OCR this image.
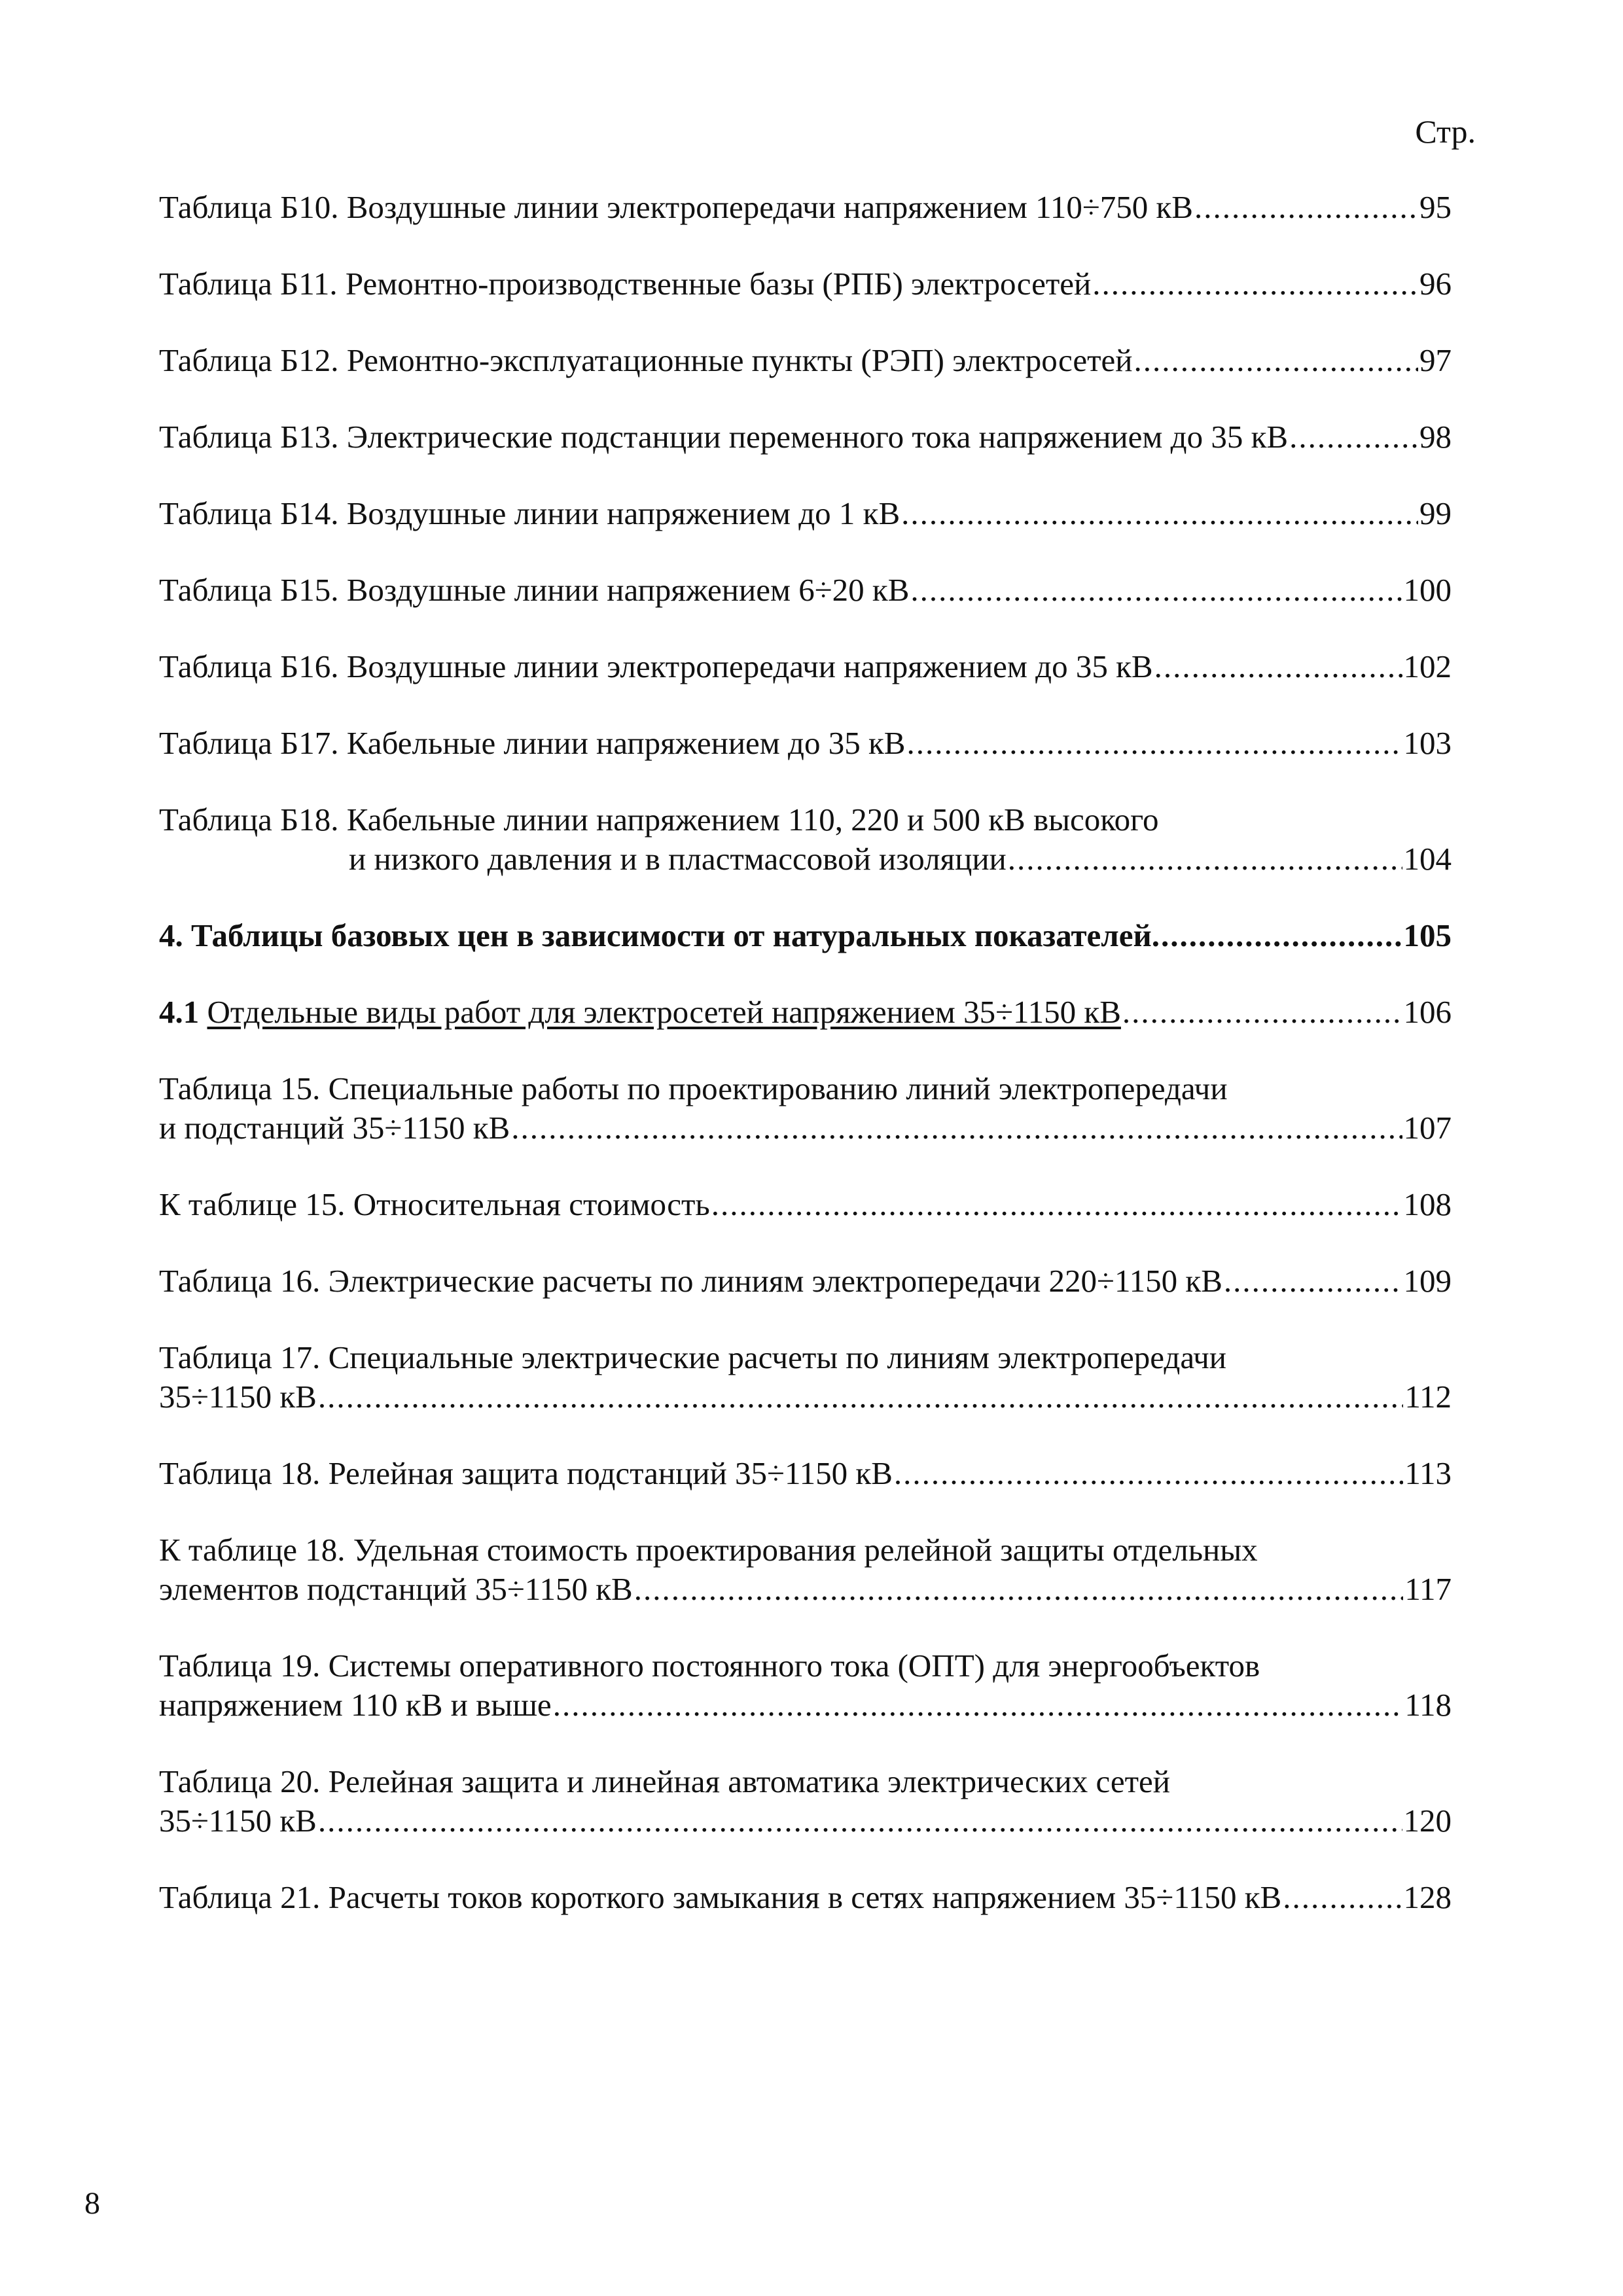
Стр.
Таблица Б10. Воздушные линии электропередачи напряжением 110÷750 кВ .....	95
Таблица Б11. Ремонтно-производственные базы (РПБ) электросетей .....	96
Таблица Б12. Ремонтно-эксплуатационные пункты (РЭП) электросетей .....	97
Таблица Б13. Электрические подстанции переменного тока напряжением до 35 кВ .....	98
Таблица Б14. Воздушные линии напряжением до 1 кВ .....	99
Таблица Б15. Воздушные линии напряжением 6÷20 кВ .....	100
Таблица Б16. Воздушные линии электропередачи напряжением до 35 кВ .....	102
Таблица Б17. Кабельные линии напряжением до 35 кВ .....	103
Таблица Б18. Кабельные линии напряжением 110, 220 и 500 кВ высокого
и низкого давления и в пластмассовой изоляции .....	104
4. Таблицы базовых цен в зависимости от натуральных показателей. .....	105
4.1 Отдельные виды работ для электросетей напряжением 35÷1150 кВ .....	106
Таблица 15. Специальные работы по проектированию линий электропередачи
и подстанций 35÷1150 кВ .....	107
К таблице 15. Относительная стоимость .....	108
Таблица 16. Электрические расчеты по линиям электропередачи 220÷1150 кВ .....	109
Таблица 17. Специальные электрические расчеты по линиям электропередачи
35÷1150 кВ .....	112
Таблица 18. Релейная защита подстанций 35÷1150 кВ .....	113
К таблице 18. Удельная стоимость проектирования релейной защиты отдельных
элементов подстанций 35÷1150 кВ .....	117
Таблица 19. Системы оперативного постоянного тока (ОПТ) для энергообъектов
напряжением 110 кВ и выше .....	118
Таблица 20. Релейная защита и линейная автоматика электрических сетей
35÷1150 кВ .....	120
Таблица 21. Расчеты токов короткого замыкания в сетях напряжением 35÷1150 кВ .....	128
8
